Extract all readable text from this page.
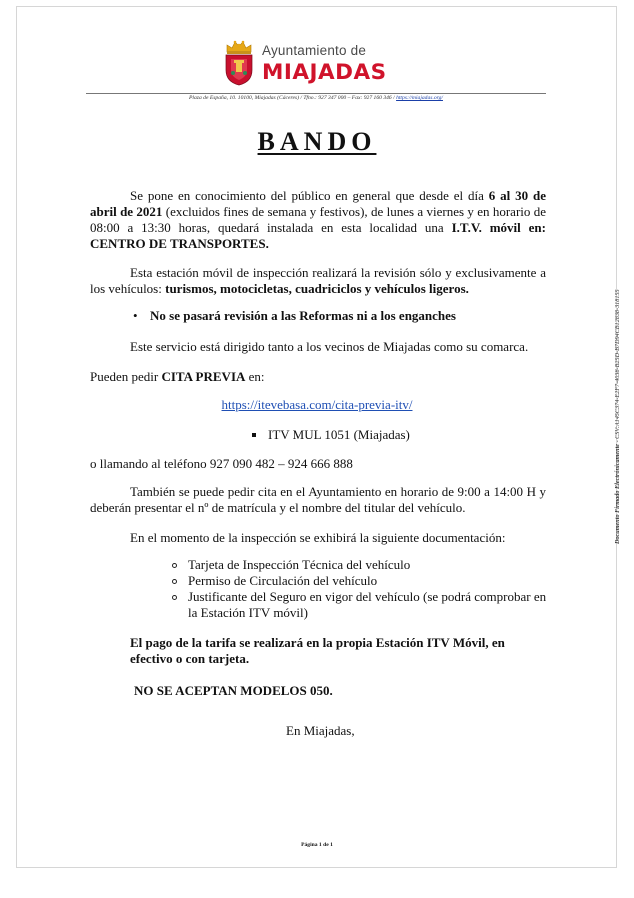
Ayuntamiento de
MIAJADAS
Plaza de España, 10. 10100, Miajadas (Cáceres) / Tfno.: 927 347 000 – Fax: 927 160 346 / https://miajadas.org/
BANDO
Se pone en conocimiento del público en general que desde el día 6 al 30 de abril de 2021 (excluidos fines de semana y festivos), de lunes a viernes y en horario de 08:00 a 13:30 horas, quedará instalada en esta localidad una I.T.V. móvil en: CENTRO DE TRANSPORTES.
Esta estación móvil de inspección realizará la revisión sólo y exclusivamente a los vehículos: turismos, motocicletas, cuadriciclos y vehículos ligeros.
• No se pasará revisión a las Reformas ni a los enganches
Este servicio está dirigido tanto a los vecinos de Miajadas como su comarca.
Pueden pedir CITA PREVIA en:
https://itevebasa.com/cita-previa-itv/
ITV MUL 1051 (Miajadas)
o llamando al teléfono 927 090 482 – 924 666 888
También se puede pedir cita en el Ayuntamiento en horario de 9:00 a 14:00 H y deberán presentar el nº de matrícula y el nombre del titular del vehículo.
En el momento de la inspección se exhibirá la siguiente documentación:
Tarjeta de Inspección Técnica del vehículo
Permiso de Circulación del vehículo
Justificante del Seguro en vigor del vehículo (se podrá comprobar en la Estación ITV móvil)
El pago de la tarifa se realizará en la propia Estación ITV Móvil, en efectivo o con tarjeta.
NO SE ACEPTAN MODELOS 050.
En Miajadas,
Página 1 de 1
Documento Firmado Electrónicamente - CSV:A145C374-E2F7-4038-B25D-B7D94CB12838-318155
